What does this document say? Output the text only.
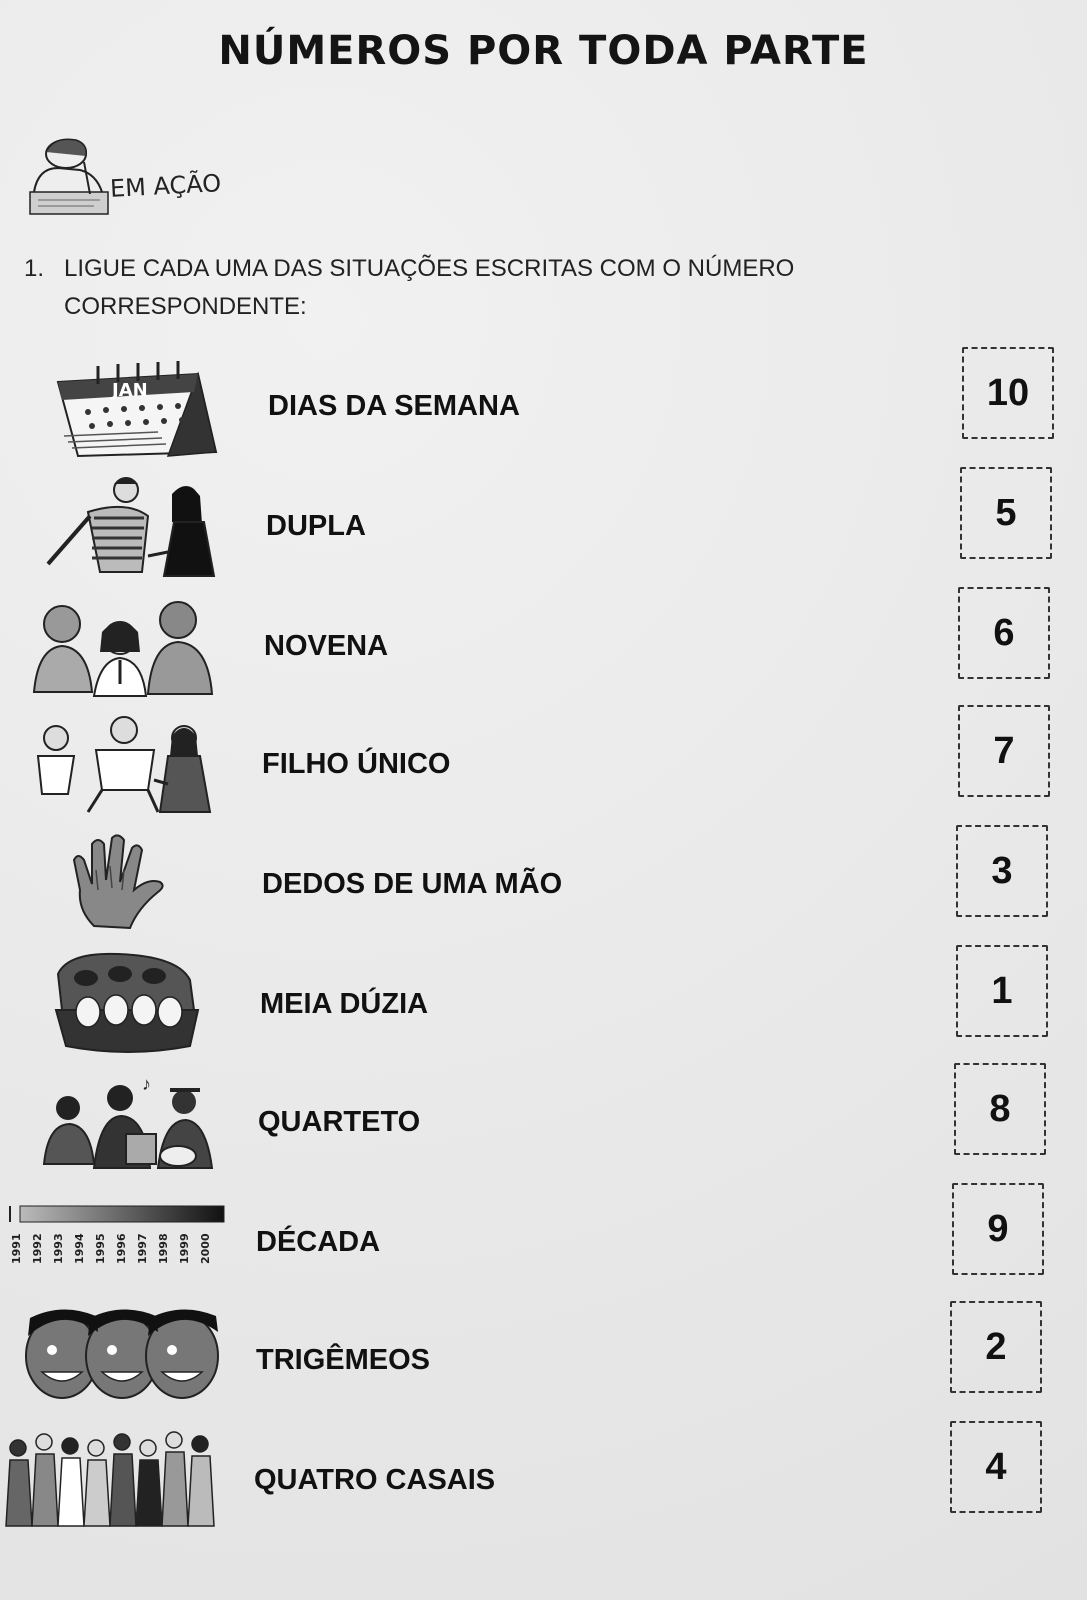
NÚMEROS POR TODA PARTE
EM AÇÃO
1. LIGUE CADA UMA DAS SITUAÇÕES ESCRITAS COM O NÚMERO
CORRESPONDENTE:
JAN	DIAS DA SEMANA	10
DUPLA	5
NOVENA	6
FILHO ÚNICO	7
DEDOS DE UMA MÃO	3
MEIA DÚZIA	1
♪
QUARTETO	8
1991 1992 1993 1994 1995 1996 1997 1998 1999 2000 DÉCADA	9
TRIGÊMEOS	2
QUATRO CASAIS	4
